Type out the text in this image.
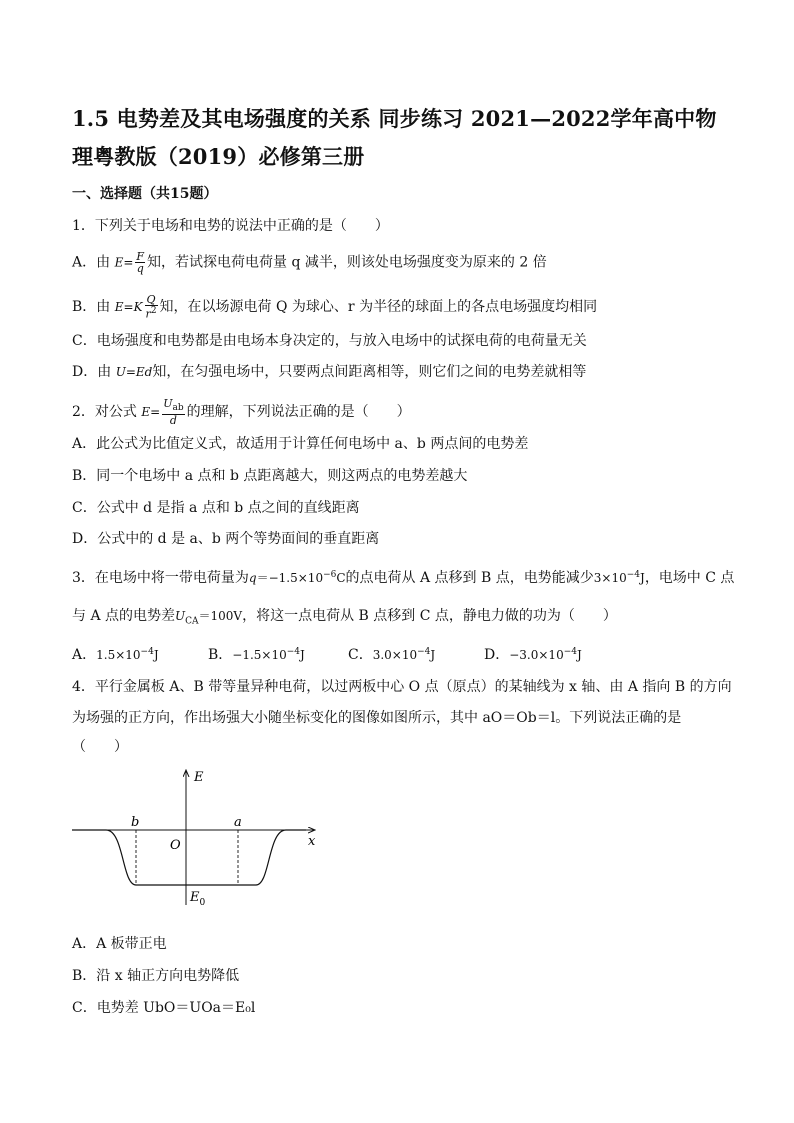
1.5 电势差及其电场强度的关系 同步练习 2021—2022学年高中物理粤教版（2019）必修第三册
一、选择题（共15题）
1．下列关于电场和电势的说法中正确的是（　　）
A．由 $E= \frac{F}{q}$ 知，若试探电荷电荷量 q 减半，则该处电场强度变为原来的 2 倍
B．由 $E=K \frac{Q}{r^2}$ 知，在以场源电荷 Q 为球心、r 为半径的球面上的各点电场强度均相同
C．电场强度和电势都是由电场本身决定的，与放入电场中的试探电荷的电荷量无关
D．由 U=Ed知，在匀强电场中，只要两点间距离相等，则它们之间的电势差就相等
2．对公式 $E= \frac{U_{ab}}{d}$ 的理解，下列说法正确的是（　　）
A．此公式为比值定义式，故适用于计算任何电场中 a、b 两点间的电势差
B．同一个电场中 a 点和 b 点距离越大，则这两点的电势差越大
C．公式中 d 是指 a 点和 b 点之间的直线距离
D．公式中的 d 是 a、b 两个等势面间的垂直距离
3．在电场中将一带电荷量为$q=-1.5\times 10^{-6}C$的点电荷从 A 点移到 B 点，电势能减少$3\times 10^{-4}J$，电场中 C 点
与 A 点的电势差$U_{CA}=100V$，将这一点电荷从 B 点移到 C 点，静电力做的功为（　　）
A．$1.5\times 10^{-4}J$	B．$-1.5\times 10^{-4}J$	C．$3.0\times 10^{-4}J$	D．$-3.0\times 10^{-4}J$
4．平行金属板 A、B 带等量异种电荷，以过两板中心 O 点（原点）的某轴线为 x 轴、由 A 指向 B 的方向
为场强的正方向，作出场强大小随坐标变化的图像如图所示，其中 aO＝Ob＝l。下列说法正确的是
（　　）
E
x
O
b	a
$E_0$
A．A 板带正电
B．沿 x 轴正方向电势降低
C．电势差 UbO＝UOa＝E₀l
